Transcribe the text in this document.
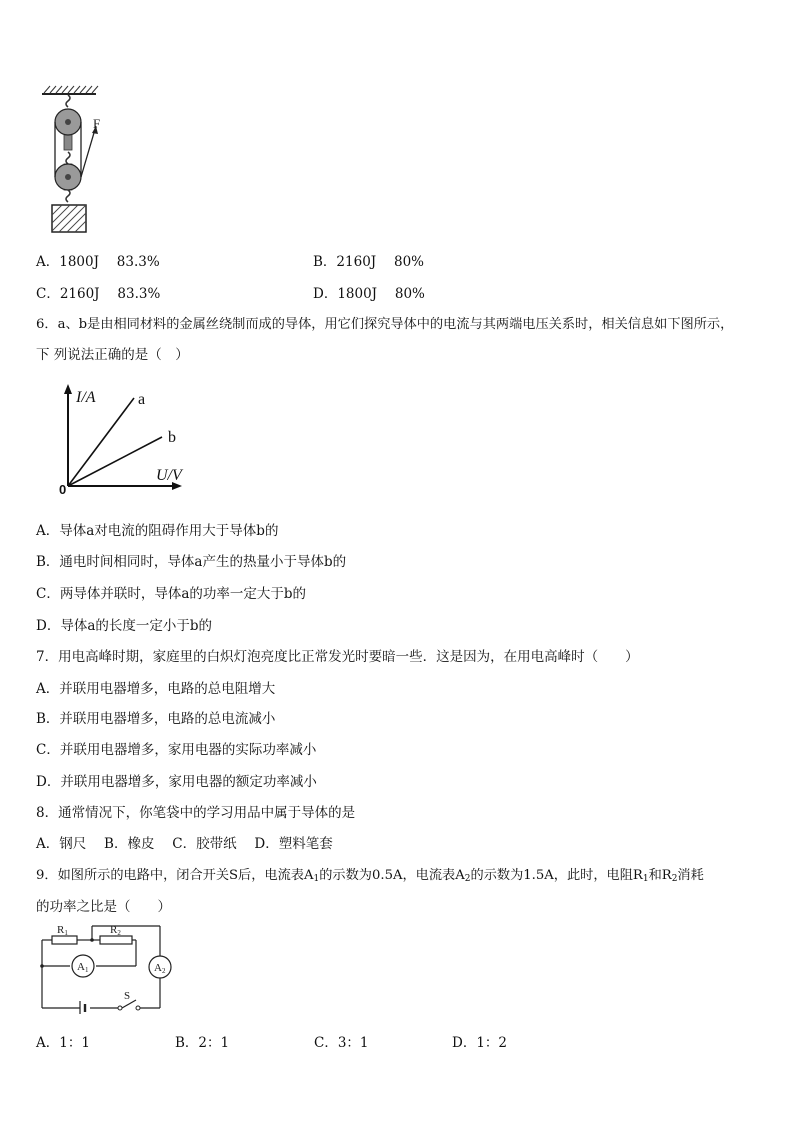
F
A．1800J　 83.3%	B．2160J　 80%
C．2160J　 83.3%	D．1800J　 80%
6．a、b是由相同材料的金属丝绕制而成的导体，用它们探究导体中的电流与其两端电压关系时，相关信息如下图所示，
下 列说法正确的是（　）
I/A
U/V
0
a
b
A．导体a对电流的阻碍作用大于导体b的
B．通电时间相同时，导体a产生的热量小于导体b的
C．两导体并联时，导体a的功率一定大于b的
D．导体a的长度一定小于b的
7．用电高峰时期，家庭里的白炽灯泡亮度比正常发光时要暗一些．这是因为，在用电高峰时（　　）
A．并联用电器增多，电路的总电阻增大
B．并联用电器增多，电路的总电流减小
C．并联用电器增多，家用电器的实际功率减小
D．并联用电器增多，家用电器的额定功率减小
8．通常情况下，你笔袋中的学习用品中属于导体的是
A．钢尺　 B．橡皮　 C．胶带纸　 D．塑料笔套
9．如图所示的电路中，闭合开关S后，电流表$A_1$的示数为0.5A，电流表$A_2$的示数为1.5A，此时，电阻$R_1$和$R_2$消耗
的功率之比是（　　）
R1	R2
A1	A2
S
A．1：1	B．2：1	C．3：1	D．1：2
